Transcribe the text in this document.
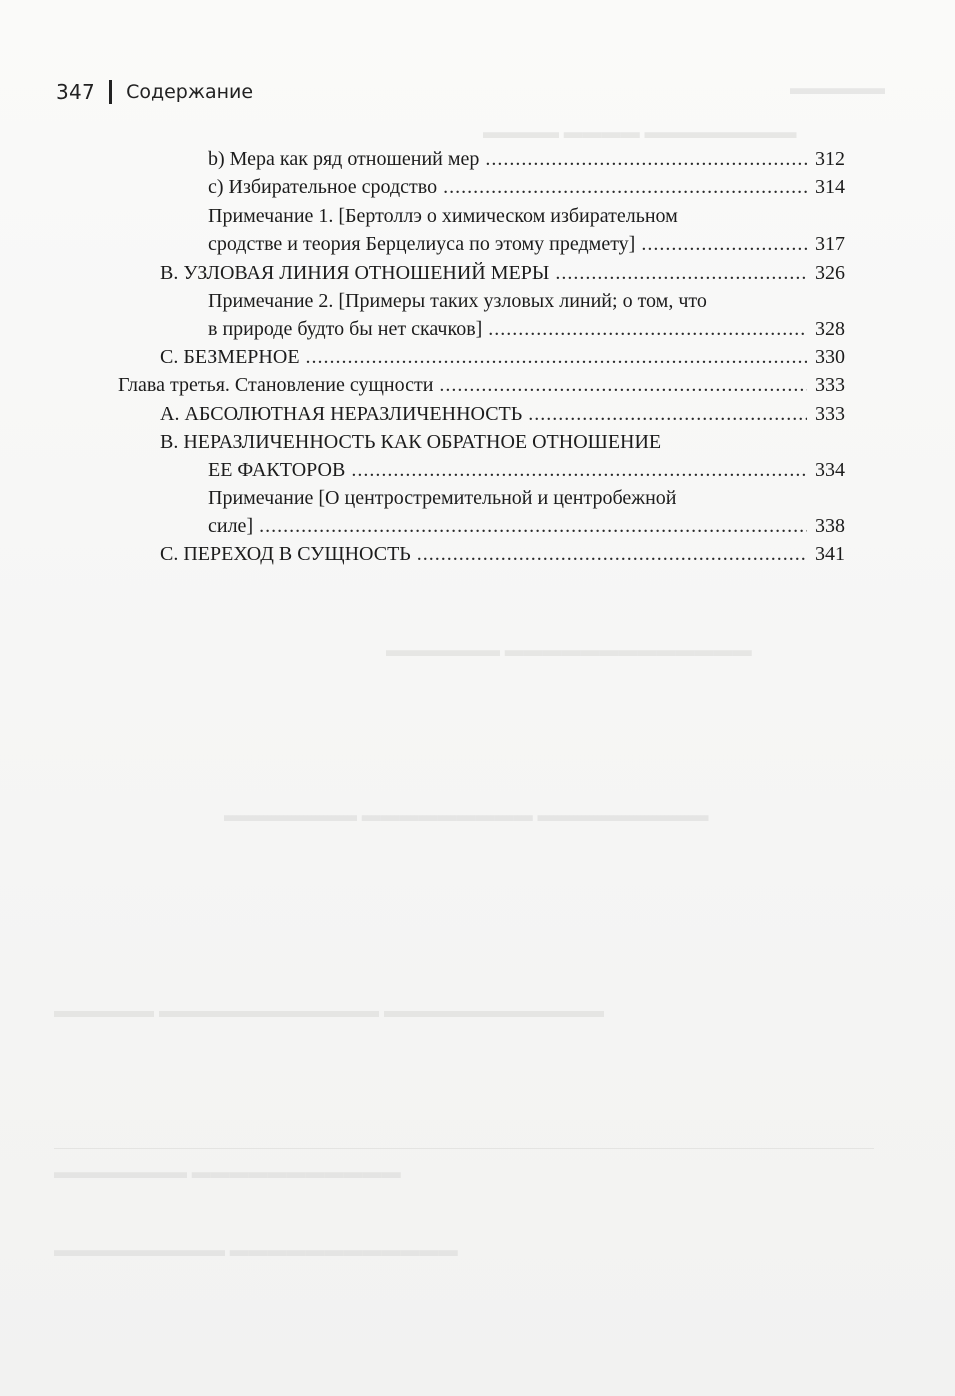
▬▬▬▬▬
▬▬▬▬ ▬▬▬▬ ▬▬▬▬▬▬▬▬
▬▬▬▬▬▬ ▬▬▬▬▬▬▬▬▬▬▬▬▬
▬▬▬▬▬▬▬ ▬▬▬▬▬▬▬▬▬ ▬▬▬▬▬▬▬▬▬
▬▬▬▬▬ ▬▬▬▬▬▬▬▬▬▬▬ ▬▬▬▬▬▬▬▬▬▬▬
▬▬▬▬▬▬▬ ▬▬▬▬▬▬▬▬▬▬▬
▬▬▬▬▬▬▬▬▬ ▬▬▬▬▬▬▬▬▬▬▬▬
347 Содержание
b) Мера как ряд отношений мер . . .	312
c) Избирательное сродство . . .	314
Примечание 1. [Бертоллэ о химическом избирательном
сродстве и теория Берцелиуса по этому предмету] . . .	317
B. УЗЛОВАЯ ЛИНИЯ ОТНОШЕНИЙ МЕРЫ . . .	326
Примечание 2. [Примеры таких узловых линий; о том, что
в природе будто бы нет скачков] . . .	328
C. БЕЗМЕРНОЕ . . .	330
Глава третья. Становление сущности . . .	333
A. АБСОЛЮТНАЯ НЕРАЗЛИЧЕННОСТЬ . . .	333
B. НЕРАЗЛИЧЕННОСТЬ КАК ОБРАТНОЕ ОТНОШЕНИЕ
ЕЕ ФАКТОРОВ . . .	334
Примечание [О центростремительной и центробежной
силе] . . .	338
C. ПЕРЕХОД В СУЩНОСТЬ . . .	341
